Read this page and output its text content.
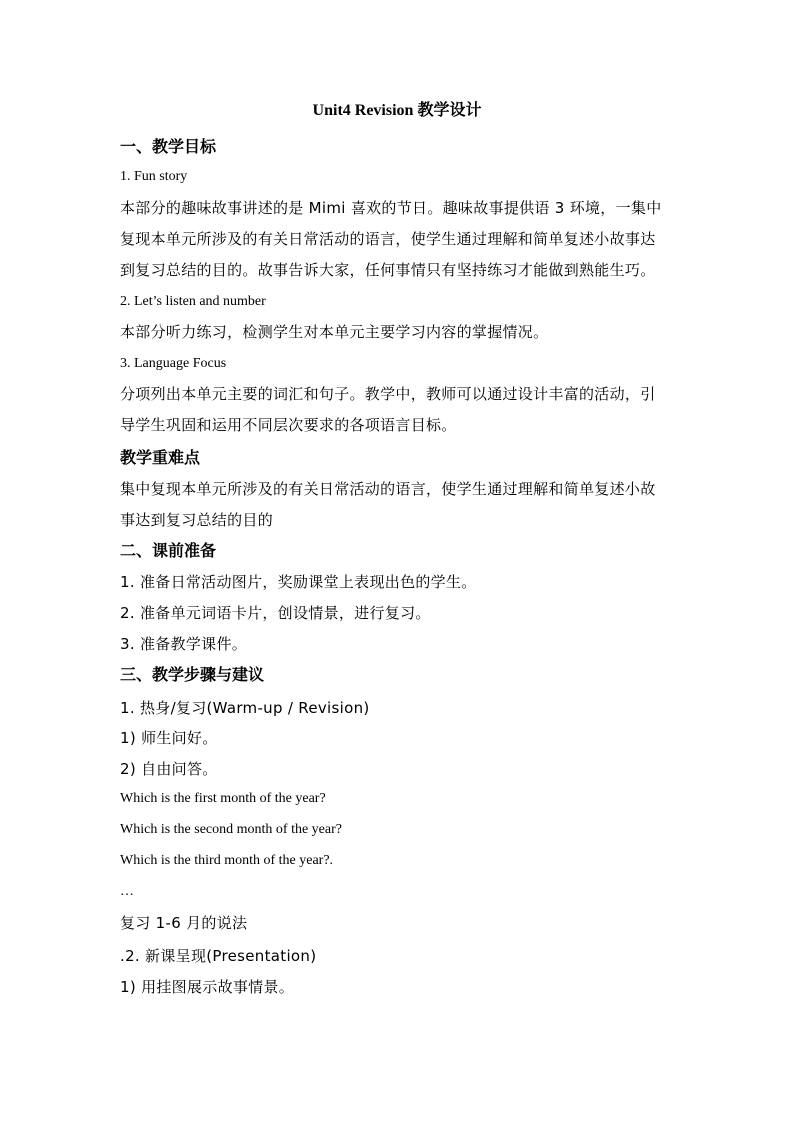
Unit4 Revision 教学设计
一、教学目标
1. Fun story
本部分的趣味故事讲述的是 Mimi 喜欢的节日。趣味故事提供语 3 环境，一集中
复现本单元所涉及的有关日常活动的语言，使学生通过理解和简单复述小故事达
到复习总结的目的。故事告诉大家，任何事情只有坚持练习才能做到熟能生巧。
2. Let’s listen and number
本部分听力练习，检测学生对本单元主要学习内容的掌握情况。
3. Language Focus
分项列出本单元主要的词汇和句子。教学中，教师可以通过设计丰富的活动，引
导学生巩固和运用不同层次要求的各项语言目标。
教学重难点
集中复现本单元所涉及的有关日常活动的语言，使学生通过理解和简单复述小故
事达到复习总结的目的
二、课前准备
1. 准备日常活动图片，奖励课堂上表现出色的学生。
2. 准备单元词语卡片，创设情景，进行复习。
3. 准备教学课件。
三、教学步骤与建议
1. 热身/复习(Warm-up / Revision)
1) 师生问好。
2) 自由问答。
Which is the first month of the year?
Which is the second month of the year?
Which is the third month of the year?.
…
复习 1-6 月的说法
.2. 新课呈现(Presentation)
1) 用挂图展示故事情景。
